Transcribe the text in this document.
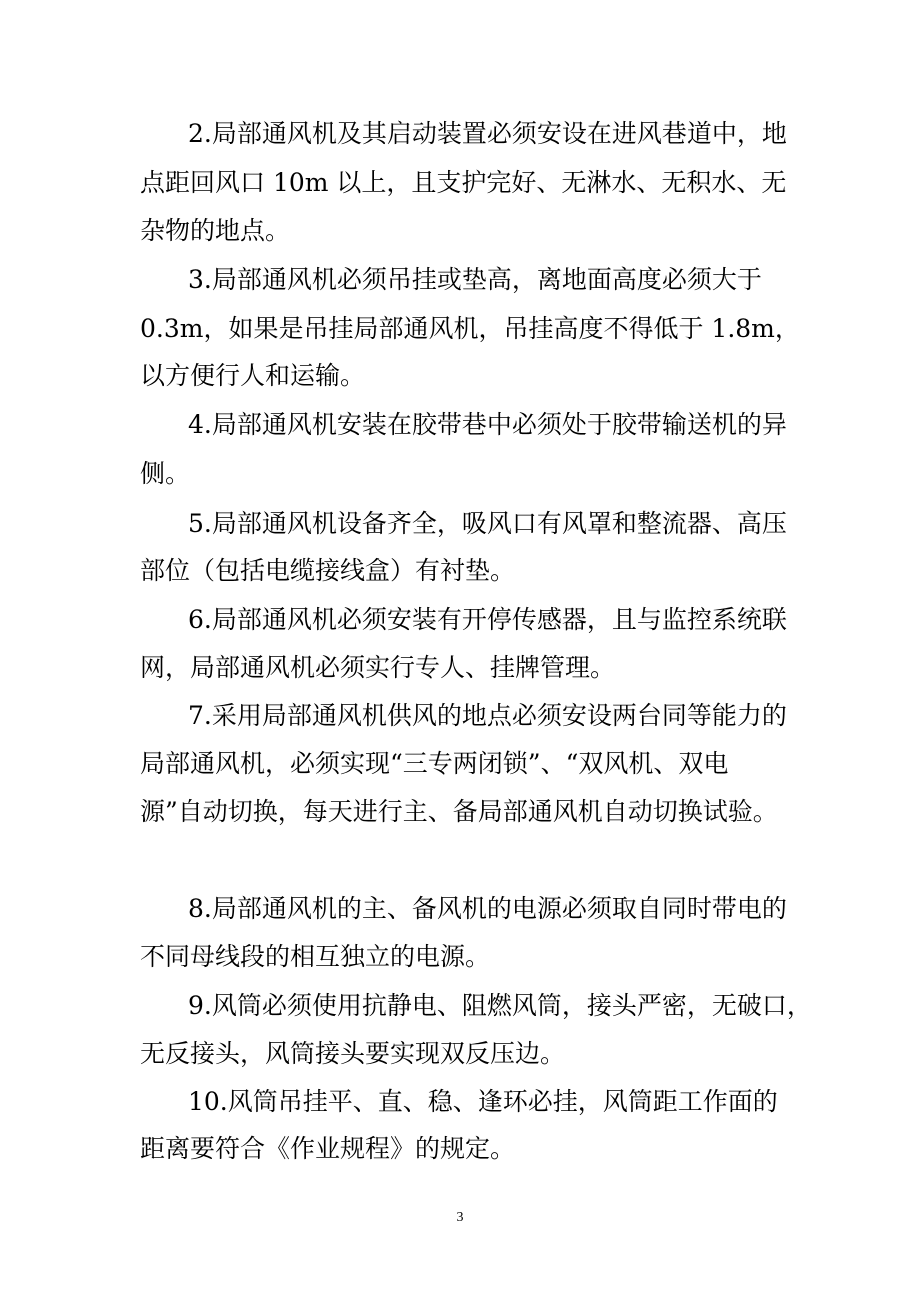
2.局部通风机及其启动装置必须安设在进风巷道中，地

点距回风口 10m 以上，且支护完好、无淋水、无积水、无

杂物的地点。

3.局部通风机必须吊挂或垫高，离地面高度必须大于

0.3m，如果是吊挂局部通风机，吊挂高度不得低于 1.8m，

以方便行人和运输。

4.局部通风机安装在胶带巷中必须处于胶带输送机的异

侧。

5.局部通风机设备齐全，吸风口有风罩和整流器、高压

部位（包括电缆接线盒）有衬垫。

6.局部通风机必须安装有开停传感器，且与监控系统联

网，局部通风机必须实行专人、挂牌管理。

7.采用局部通风机供风的地点必须安设两台同等能力的

局部通风机，必须实现“三专两闭锁”、“双风机、双电

源”自动切换，每天进行主、备局部通风机自动切换试验。

8.局部通风机的主、备风机的电源必须取自同时带电的

不同母线段的相互独立的电源。

9.风筒必须使用抗静电、阻燃风筒，接头严密，无破口，

无反接头，风筒接头要实现双反压边。

10.风筒吊挂平、直、稳、逢环必挂，风筒距工作面的

距离要符合《作业规程》的规定。

3
